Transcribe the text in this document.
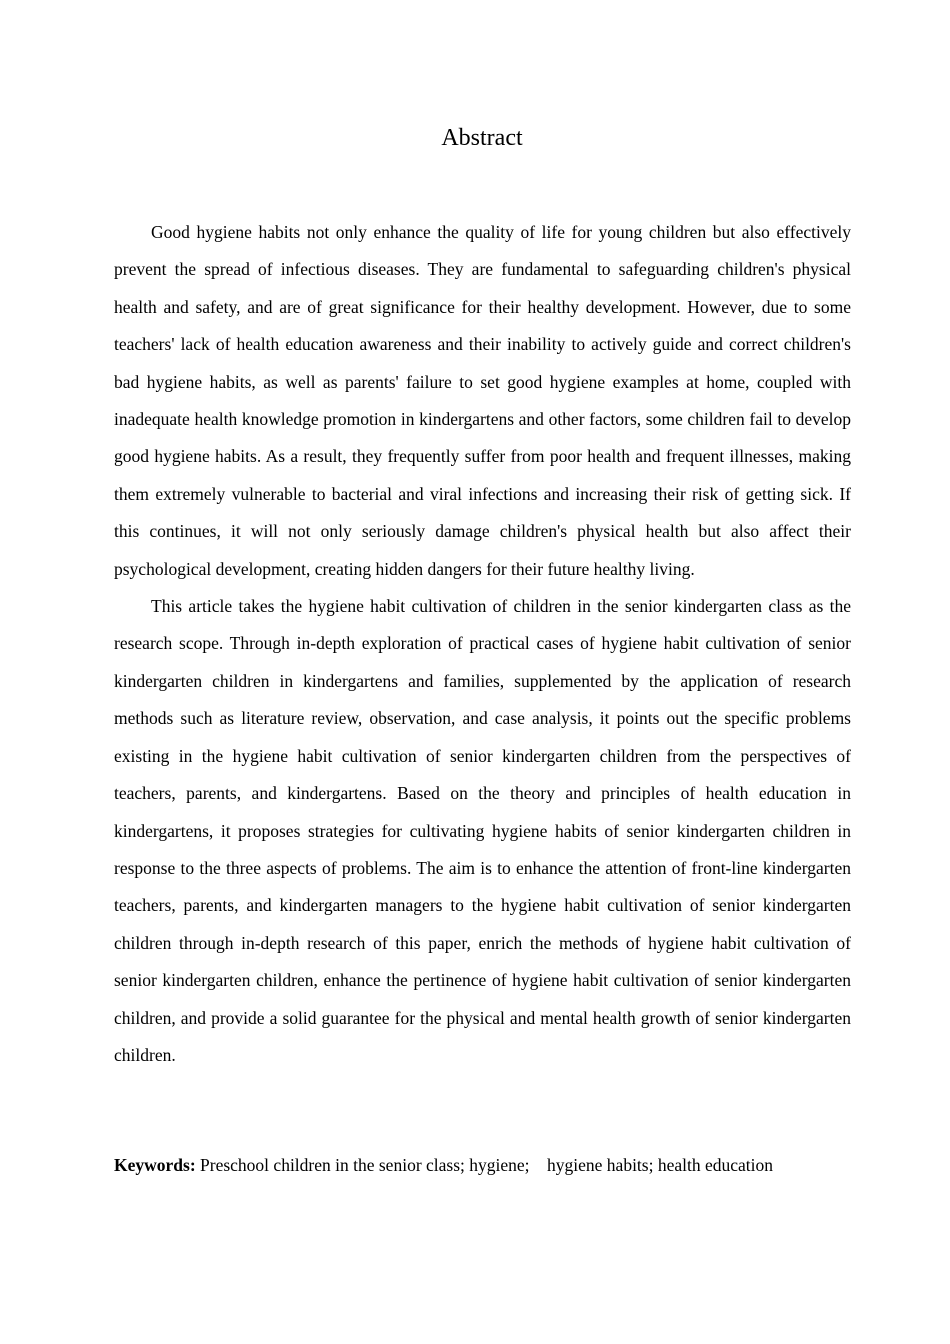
Abstract

Good hygiene habits not only enhance the quality of life for young children but also effectively prevent the spread of infectious diseases. They are fundamental to safeguarding children's physical health and safety, and are of great significance for their healthy development. However, due to some teachers' lack of health education awareness and their inability to actively guide and correct children's bad hygiene habits, as well as parents' failure to set good hygiene examples at home, coupled with inadequate health knowledge promotion in kindergartens and other factors, some children fail to develop good hygiene habits. As a result, they frequently suffer from poor health and frequent illnesses, making them extremely vulnerable to bacterial and viral infections and increasing their risk of getting sick. If this continues, it will not only seriously damage children's physical health but also affect their psychological development, creating hidden dangers for their future healthy living.

This article takes the hygiene habit cultivation of children in the senior kindergarten class as the research scope. Through in-depth exploration of practical cases of hygiene habit cultivation of senior kindergarten children in kindergartens and families, supplemented by the application of research methods such as literature review, observation, and case analysis, it points out the specific problems existing in the hygiene habit cultivation of senior kindergarten children from the perspectives of teachers, parents, and kindergartens. Based on the theory and principles of health education in kindergartens, it proposes strategies for cultivating hygiene habits of senior kindergarten children in response to the three aspects of problems. The aim is to enhance the attention of front-line kindergarten teachers, parents, and kindergarten managers to the hygiene habit cultivation of senior kindergarten children through in-depth research of this paper, enrich the methods of hygiene habit cultivation of senior kindergarten children, enhance the pertinence of hygiene habit cultivation of senior kindergarten children, and provide a solid guarantee for the physical and mental health growth of senior kindergarten children.

Keywords: Preschool children in the senior class; hygiene;　hygiene habits; health education
